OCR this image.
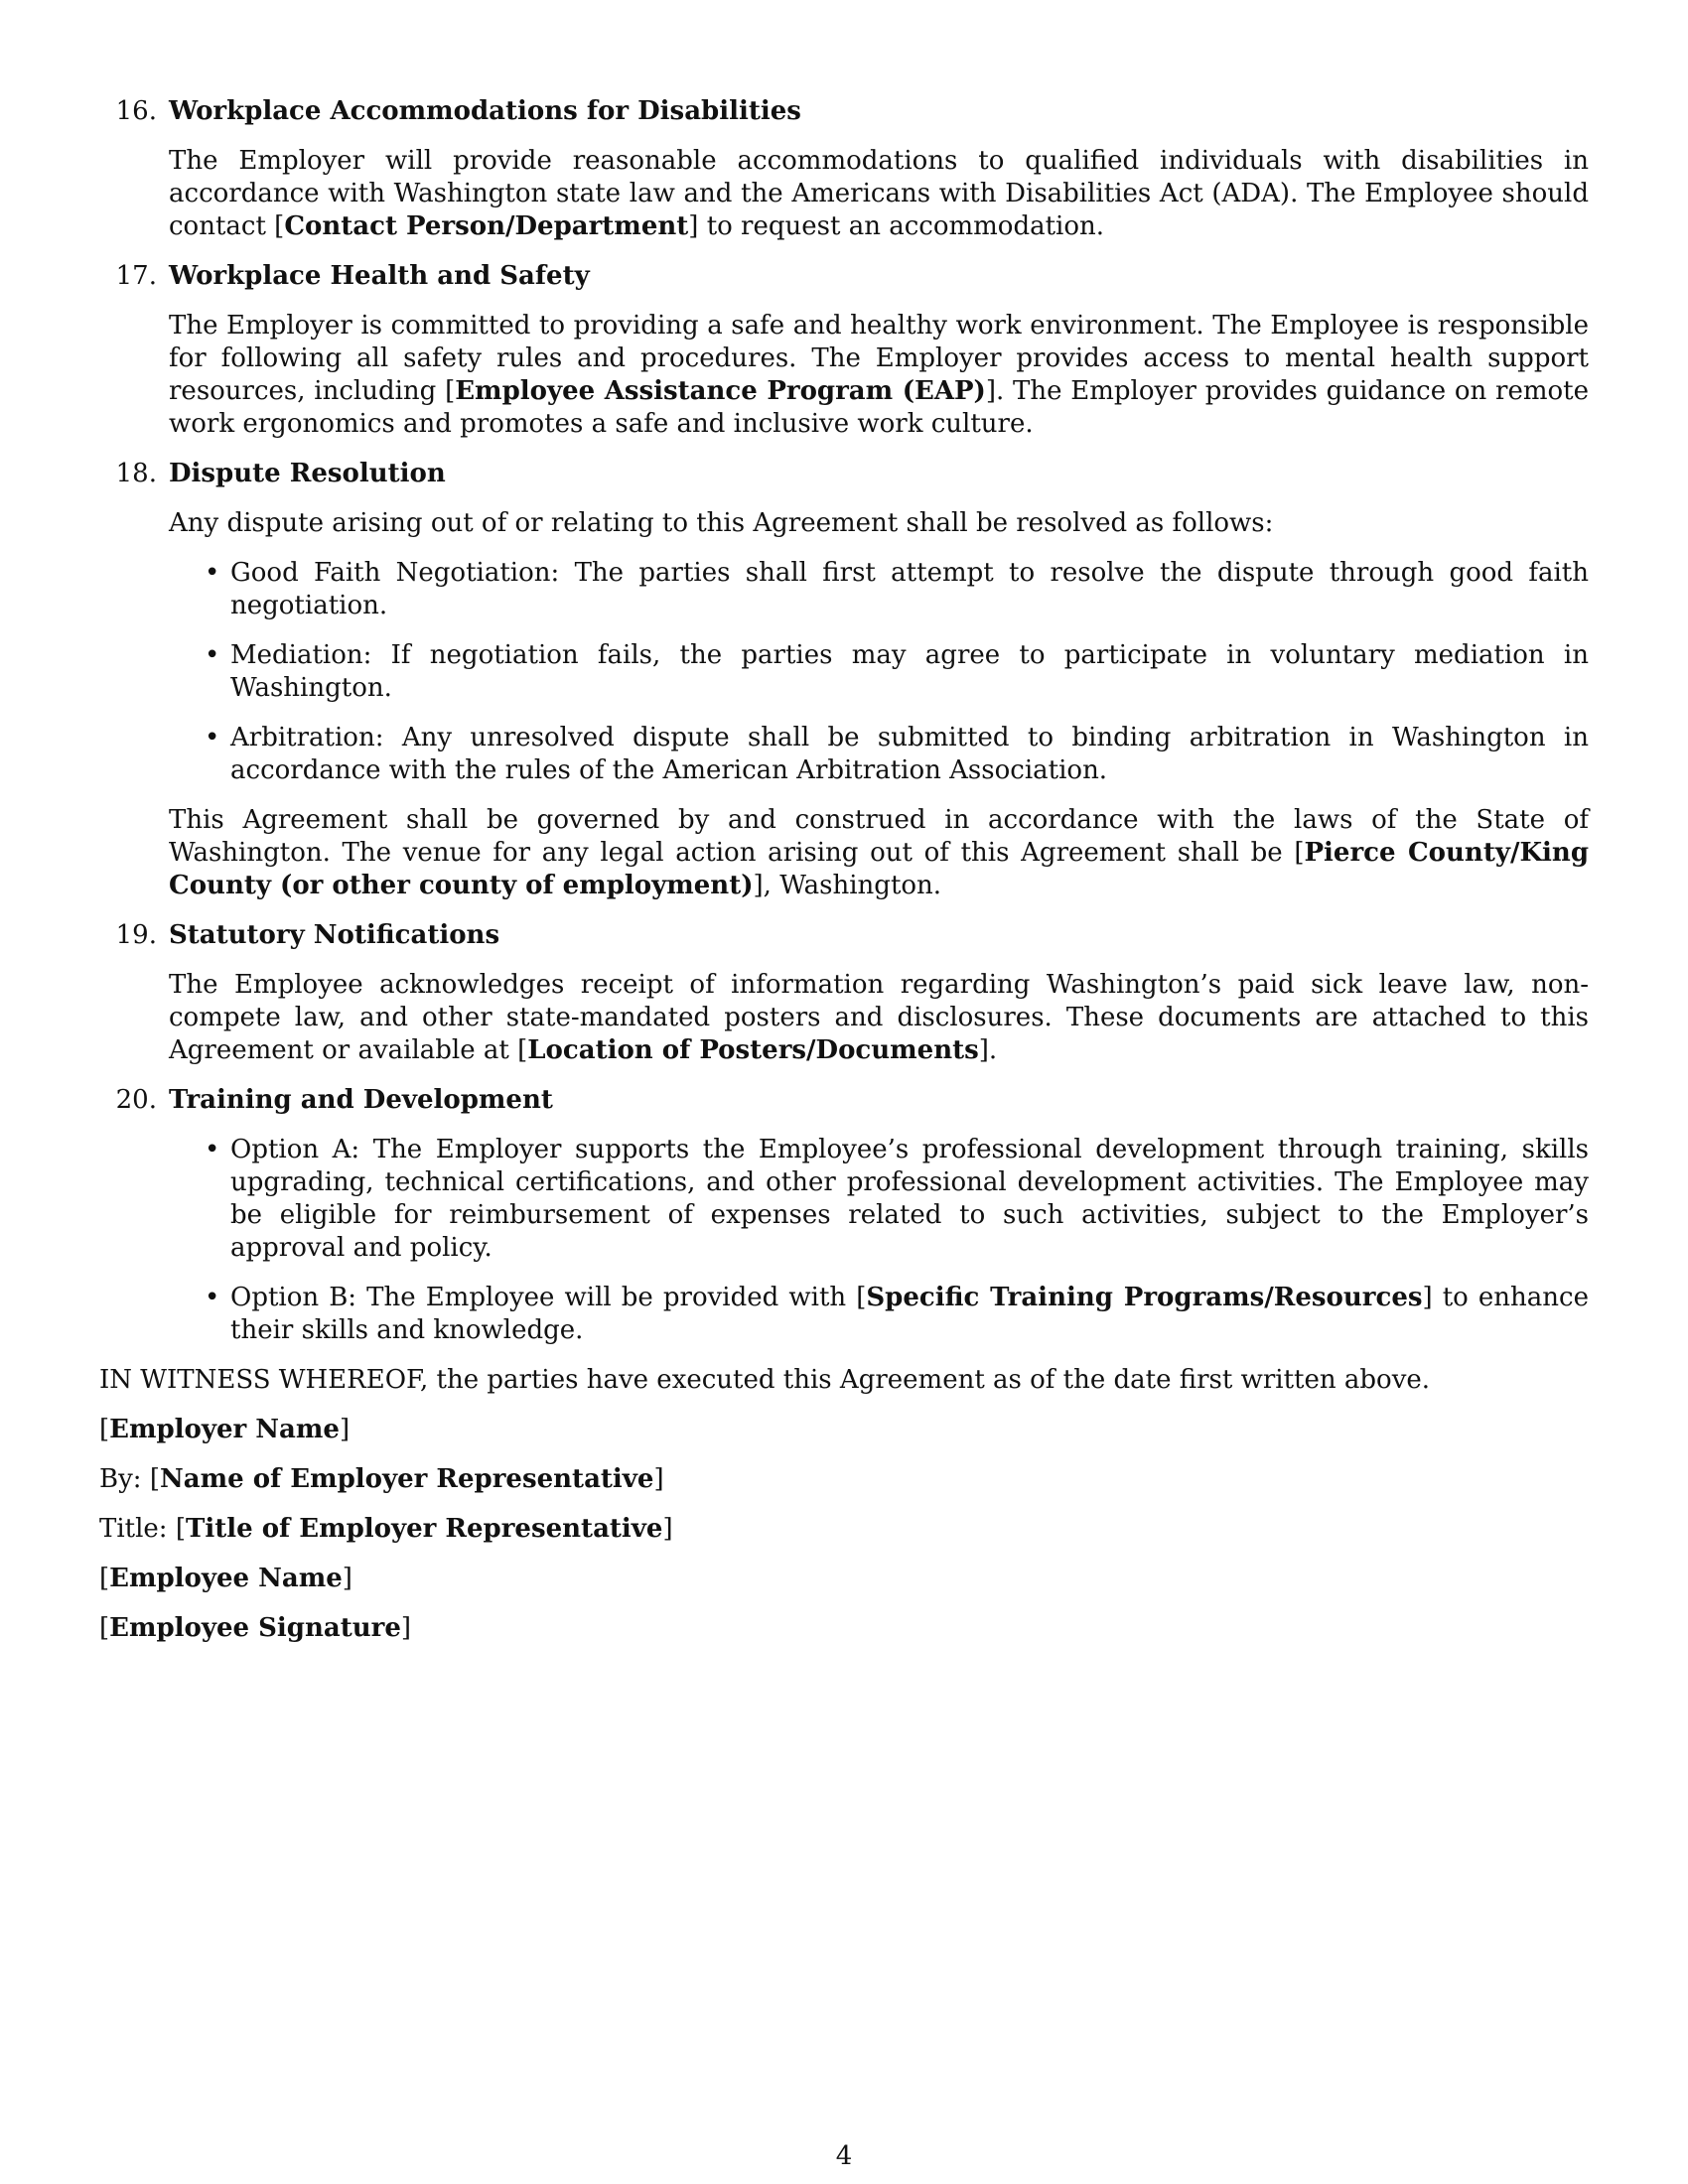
16. Workplace Accommodations for Disabilities

The Employer will provide reasonable accommodations to qualified individuals with disabilities in accordance with Washington state law and the Americans with Disabilities Act (ADA). The Employee should contact [Contact Person/Department] to request an accommodation.

17. Workplace Health and Safety

The Employer is committed to providing a safe and healthy work environment. The Employee is responsible for following all safety rules and procedures. The Employer provides access to mental health support resources, including [Employee Assistance Program (EAP)]. The Employer provides guidance on remote work ergonomics and promotes a safe and inclusive work culture.

18. Dispute Resolution

Any dispute arising out of or relating to this Agreement shall be resolved as follows:

• Good Faith Negotiation: The parties shall first attempt to resolve the dispute through good faith negotiation.
• Mediation: If negotiation fails, the parties may agree to participate in voluntary mediation in Washington.
• Arbitration: Any unresolved dispute shall be submitted to binding arbitration in Washington in accordance with the rules of the American Arbitration Association.

This Agreement shall be governed by and construed in accordance with the laws of the State of Washington. The venue for any legal action arising out of this Agreement shall be [Pierce County/King County (or other county of employment)], Washington.

19. Statutory Notifications

The Employee acknowledges receipt of information regarding Washington’s paid sick leave law, non-compete law, and other state-mandated posters and disclosures. These documents are attached to this Agreement or available at [Location of Posters/Documents].

20. Training and Development
• Option A: The Employer supports the Employee’s professional development through training, skills upgrading, technical certifications, and other professional development activities. The Employee may be eligible for reimbursement of expenses related to such activities, subject to the Employer’s approval and policy.
• Option B: The Employee will be provided with [Specific Training Programs/Resources] to enhance their skills and knowledge.

IN WITNESS WHEREOF, the parties have executed this Agreement as of the date first written above.

[Employer Name]
By: [Name of Employer Representative]
Title: [Title of Employer Representative]
[Employee Name]
[Employee Signature]
4
